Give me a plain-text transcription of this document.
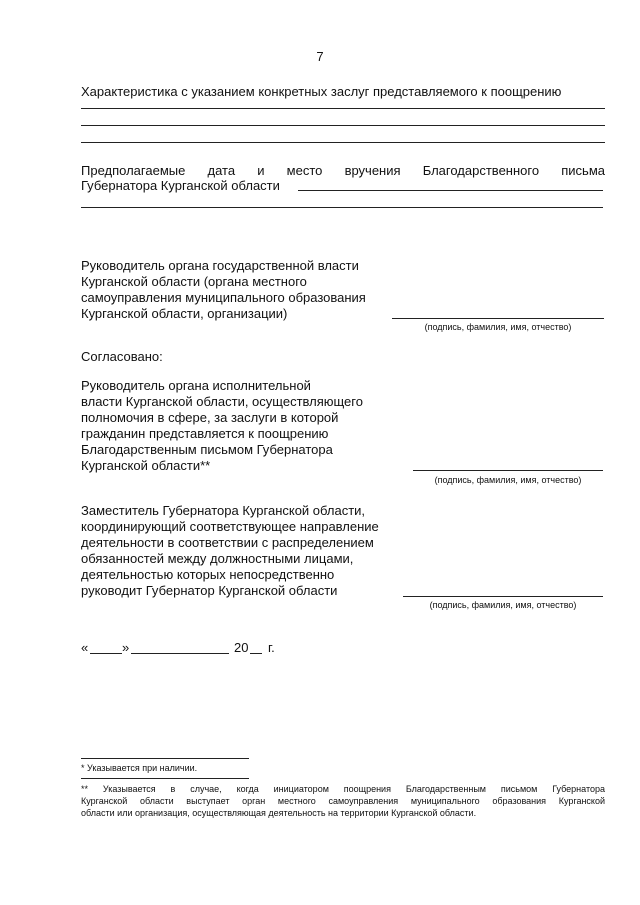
7
Характеристика с указанием конкретных заслуг представляемого к поощрению
Предполагаемые дата и место вручения Благодарственного письма
Губернатора Курганской области
Руководитель органа государственной власти
Курганской области (органа местного
самоуправления муниципального образования
Курганской области, организации)
(подпись, фамилия, имя, отчество)
Согласовано:
Руководитель органа исполнительной
власти Курганской области, осуществляющего
полномочия в сфере, за заслуги в которой
гражданин представляется к поощрению
Благодарственным письмом Губернатора
Курганской области**
(подпись, фамилия, имя, отчество)
Заместитель Губернатора Курганской области,
координирующий соответствующее направление
деятельности в соответствии с распределением
обязанностей между должностными лицами,
деятельностью которых непосредственно
руководит Губернатор Курганской области
(подпись, фамилия, имя, отчество)
«	»	20 г.
* Указывается при наличии.
** Указывается в случае, когда инициатором поощрения Благодарственным письмом Губернатора
Курганской области выступает орган местного самоуправления муниципального образования Курганской
области или организация, осуществляющая деятельность на территории Курганской области.
